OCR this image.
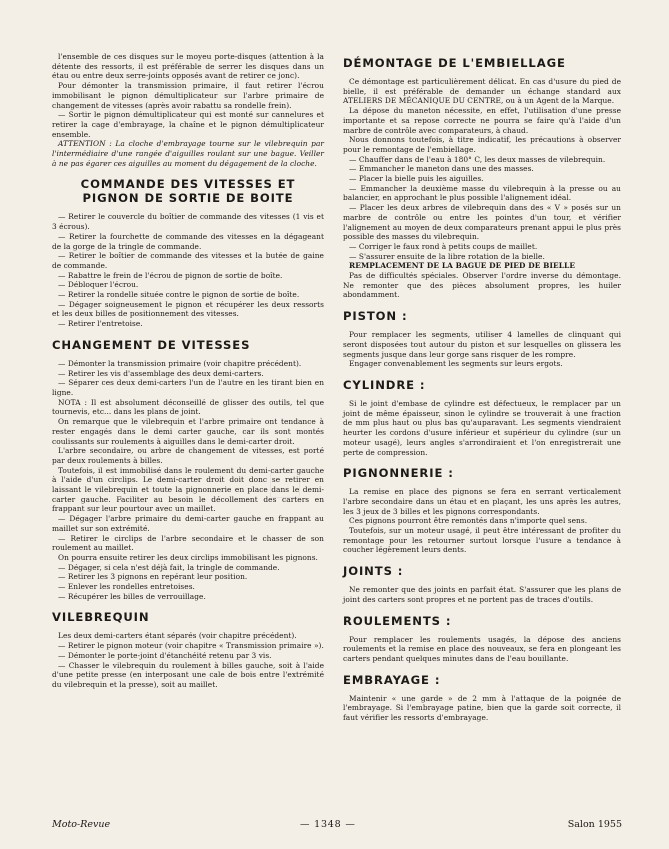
l'ensemble de ces disques sur le moyeu porte-disques (attention à la détente des ressorts, il est préférable de serrer les disques dans un étau ou entre deux serre-joints opposés avant de retirer ce jonc).

Pour démonter la transmission primaire, il faut retirer l'écrou immobilisant le pignon démultiplicateur sur l'arbre primaire de changement de vitesses (après avoir rabattu sa rondelle frein).

— Sortir le pignon démultiplicateur qui est monté sur cannelures et retirer la cage d'embrayage, la chaîne et le pignon démultiplicateur ensemble.

ATTENTION : La cloche d'embrayage tourne sur le vilebrequin par l'intermédiaire d'une rangée d'aiguilles roulant sur une bague. Veiller à ne pas égarer ces aiguilles au moment du dégagement de la cloche.

COMMANDE DES VITESSES ET PIGNON DE SORTIE DE BOITE

— Retirer le couvercle du boîtier de commande des vitesses (1 vis et 3 écrous).

— Retirer la fourchette de commande des vitesses en la dégageant de la gorge de la tringle de commande.

— Retirer le boîtier de commande des vitesses et la butée de gaine de commande.

— Rabattre le frein de l'écrou de pignon de sortie de boîte.

— Débloquer l'écrou.

— Retirer la rondelle située contre le pignon de sortie de boîte.

— Dégager soigneusement le pignon et récupérer les deux ressorts et les deux billes de positionnement des vitesses.

— Retirer l'entretoise.

CHANGEMENT DE VITESSES

— Démonter la transmission primaire (voir chapitre précédent).

— Retirer les vis d'assemblage des deux demi-carters.

— Séparer ces deux demi-carters l'un de l'autre en les tirant bien en ligne.

NOTA : Il est absolument déconseillé de glisser des outils, tel que tournevis, etc... dans les plans de joint.

On remarque que le vilebrequin et l'arbre primaire ont tendance à rester engagés dans le demi carter gauche, car ils sont montés coulissants sur roulements à aiguilles dans le demi-carter droit.

L'arbre secondaire, ou arbre de changement de vitesses, est porté par deux roulements à billes.

Toutefois, il est immobilisé dans le roulement du demi-carter gauche à l'aide d'un circlips. Le demi-carter droit doit donc se retirer en laissant le vilebrequin et toute la pignonnerie en place dans le demi-carter gauche. Faciliter au besoin le décollement des carters en frappant sur leur pourtour avec un maillet.

— Dégager l'arbre primaire du demi-carter gauche en frappant au maillet sur son extrémité.

— Retirer le circlips de l'arbre secondaire et le chasser de son roulement au maillet.

On pourra ensuite retirer les deux circlips immobilisant les pignons.

— Dégager, si cela n'est déjà fait, la tringle de commande.

— Retirer les 3 pignons en repérant leur position.

— Enlever les rondelles entretoises.

— Récupérer les billes de verrouillage.

VILEBREQUIN

Les deux demi-carters étant séparés (voir chapitre précédent).

— Retirer le pignon moteur (voir chapitre « Transmission primaire »).

— Démonter le porte-joint d'étanchéité retenu par 3 vis.

— Chasser le vilebrequin du roulement à billes gauche, soit à l'aide d'une petite presse (en interposant une cale de bois entre l'extrémité du vilebrequin et la presse), soit au maillet.

DÉMONTAGE DE L'EMBIELLAGE

Ce démontage est particulièrement délicat. En cas d'usure du pied de bielle, il est préférable de demander un échange standard aux ATELIERS DE MÉCANIQUE DU CENTRE, ou à un Agent de la Marque.

La dépose du maneton nécessite, en effet, l'utilisation d'une presse importante et sa repose correcte ne pourra se faire qu'à l'aide d'un marbre de contrôle avec comparateurs, à chaud.

Nous donnons toutefois, à titre indicatif, les précautions à observer pour le remontage de l'embiellage.

— Chauffer dans de l'eau à 180° C, les deux masses de vilebrequin.

— Emmancher le maneton dans une des masses.

— Placer la bielle puis les aiguilles.

— Emmancher la deuxième masse du vilebrequin à la presse ou au balancier, en approchant le plus possible l'alignement idéal.

— Placer les deux arbres de vilebrequin dans des « V » posés sur un marbre de contrôle ou entre les pointes d'un tour, et vérifier l'alignement au moyen de deux comparateurs prenant appui le plus près possible des masses du vilebrequin.

— Corriger le faux rond à petits coups de maillet.

— S'assurer ensuite de la libre rotation de la bielle.

REMPLACEMENT DE LA BAGUE DE PIED DE BIELLE

Pas de difficultés spéciales. Observer l'ordre inverse du démontage. Ne remonter que des pièces absolument propres, les huiler abondamment.

PISTON :

Pour remplacer les segments, utiliser 4 lamelles de clinquant qui seront disposées tout autour du piston et sur lesquelles on glissera les segments jusque dans leur gorge sans risquer de les rompre.

Engager convenablement les segments sur leurs ergots.

CYLINDRE :

Si le joint d'embase de cylindre est défectueux, le remplacer par un joint de même épaisseur, sinon le cylindre se trouverait à une fraction de mm plus haut ou plus bas qu'auparavant. Les segments viendraient heurter les cordons d'usure inférieur et supérieur du cylindre (sur un moteur usagé), leurs angles s'arrondiraient et l'on enregistrerait une perte de compression.

PIGNONNERIE :

La remise en place des pignons se fera en serrant verticalement l'arbre secondaire dans un étau et en plaçant, les uns après les autres, les 3 jeux de 3 billes et les pignons correspondants.

Ces pignons pourront être remontés dans n'importe quel sens.

Toutefois, sur un moteur usagé, il peut être intéressant de profiter du remontage pour les retourner surtout lorsque l'usure a tendance à coucher légèrement leurs dents.

JOINTS :

Ne remonter que des joints en parfait état. S'assurer que les plans de joint des carters sont propres et ne portent pas de traces d'outils.

ROULEMENTS :

Pour remplacer les roulements usagés, la dépose des anciens roulements et la remise en place des nouveaux, se fera en plongeant les carters pendant quelques minutes dans de l'eau bouillante.

EMBRAYAGE :

Maintenir « une garde » de 2 mm à l'attaque de la poignée de l'embrayage. Si l'embrayage patine, bien que la garde soit correcte, il faut vérifier les ressorts d'embrayage.

Moto-Revue	— 1348 —	Salon 1955
